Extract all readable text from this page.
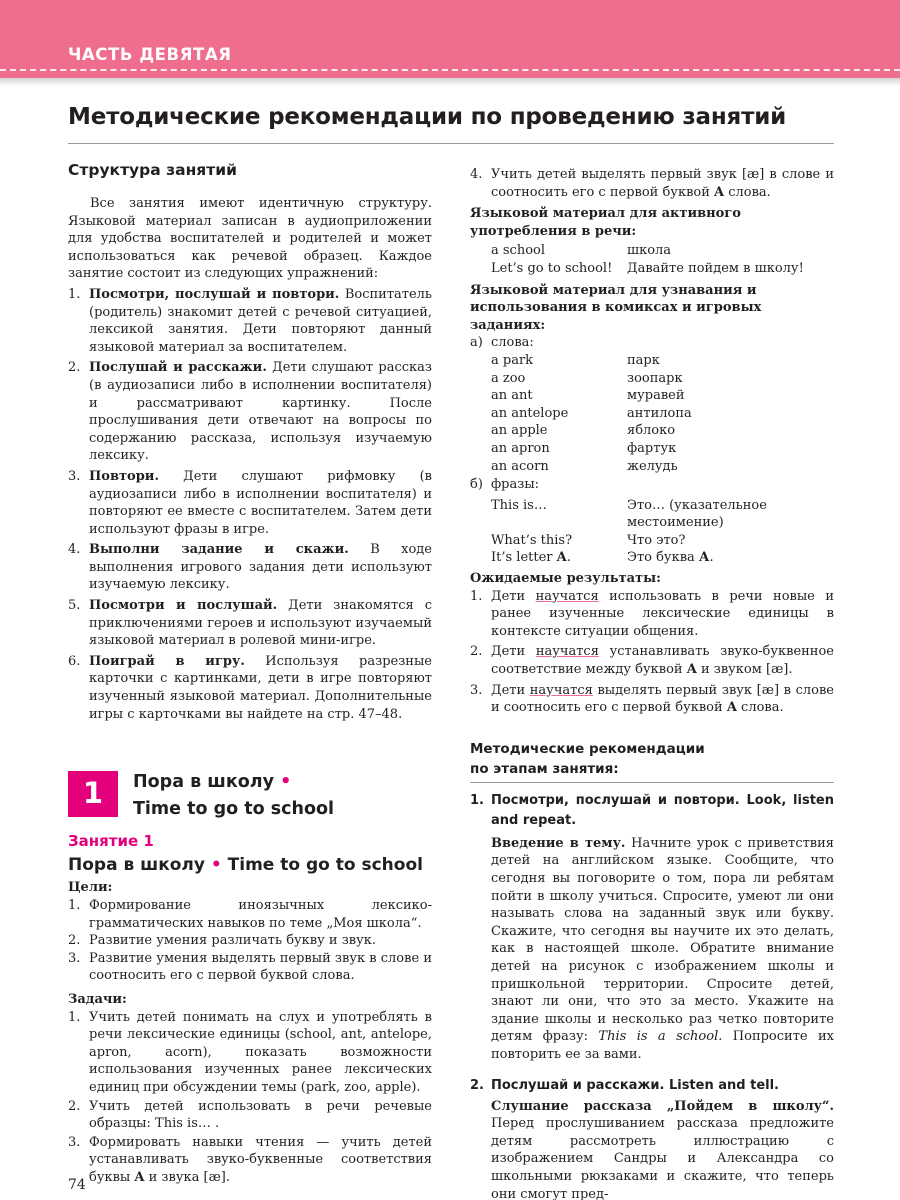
ЧАСТЬ ДЕВЯТАЯ
Методические рекомендации по проведению занятий
Структура занятий

Все занятия имеют идентичную структуру. Языковой материал записан в аудиоприложении для удобства воспитателей и родителей и может использоваться как речевой образец. Каждое занятие состоит из следующих упражнений:

1. Посмотри, послушай и повтори. Воспитатель (родитель) знакомит детей с речевой ситуацией, лексикой занятия. Дети повторяют данный языковой материал за воспитателем.
2. Послушай и расскажи. Дети слушают рассказ (в аудиозаписи либо в исполнении воспитателя) и рассматривают картинку. После прослушивания дети отвечают на вопросы по содержанию рассказа, используя изучаемую лексику.
3. Повтори. Дети слушают рифмовку (в аудиозаписи либо в исполнении воспитателя) и повторяют ее вместе с воспитателем. Затем дети используют фразы в игре.
4. Выполни задание и скажи. В ходе выполнения игрового задания дети используют изучаемую лексику.
5. Посмотри и послушай. Дети знакомятся с приключениями героев и используют изучаемый языковой материал в ролевой мини-игре.
6. Поиграй в игру. Используя разрезные карточки с картинками, дети в игре повторяют изученный языковой материал. Дополнительные игры с карточками вы найдете на стр. 47–48.
1	Пора в школу •
Time to go to school
Занятие 1
Пора в школу • Time to go to school
Цели:
1. Формирование иноязычных лексико-грамматических навыков по теме „Моя школа“.
2. Развитие умения различать букву и звук.
3. Развитие умения выделять первый звук в слове и соотносить его с первой буквой слова.
Задачи:
1. Учить детей понимать на слух и употреблять в речи лексические единицы (school, ant, antelope, apron, acorn), показать возможности использования изученных ранее лексических единиц при обсуждении темы (park, zoo, apple).
2. Учить детей использовать в речи речевые образцы: This is… .
3. Формировать навыки чтения — учить детей устанавливать звуко-буквенные соответствия буквы A и звука [æ].
4. Учить детей выделять первый звук [æ] в слове и соотносить его с первой буквой A слова.
Языковой материал для активного употребления в речи:
a school	школа
Let’s go to school!	Давайте пойдем в школу!
Языковой материал для узнавания и использования в комиксах и игровых заданиях:
а) слова:
a park	парк
a zoo	зоопарк
an ant	муравей
an antelope	антилопа
an apple	яблоко
an apron	фартук
an acorn	желудь
б) фразы:
This is…	Это… (указательное местоимение)
What’s this?	Что это?
It’s letter A.	Это буква А.
Ожидаемые результаты:
1. Дети научатся использовать в речи новые и ранее изученные лексические единицы в контексте ситуации общения.
2. Дети научатся устанавливать звуко-буквенное соответствие между буквой A и звуком [æ].
3. Дети научатся выделять первый звук [æ] в слове и соотносить его с первой буквой A слова.
Методические рекомендации
по этапам занятия:
1. Посмотри, послушай и повтори. Look, listen and repeat.

Введение в тему. Начните урок с приветствия детей на английском языке. Сообщите, что сегодня вы поговорите о том, пора ли ребятам пойти в школу учиться. Спросите, умеют ли они называть слова на заданный звук или букву. Скажите, что сегодня вы научите их это делать, как в настоящей школе. Обратите внимание детей на рисунок с изображением школы и пришкольной территории. Спросите детей, знают ли они, что это за место. Укажите на здание школы и несколько раз четко повторите детям фразу: This is a school. Попросите их повторить ее за вами.

2. Послушай и расскажи. Listen and tell.

Слушание рассказа „Пойдем в школу“. Перед прослушиванием рассказа предложите детям рассмотреть иллюстрацию с изображением Сандры и Александра со школьными рюкзаками и скажите, что теперь они смогут пред-

74
